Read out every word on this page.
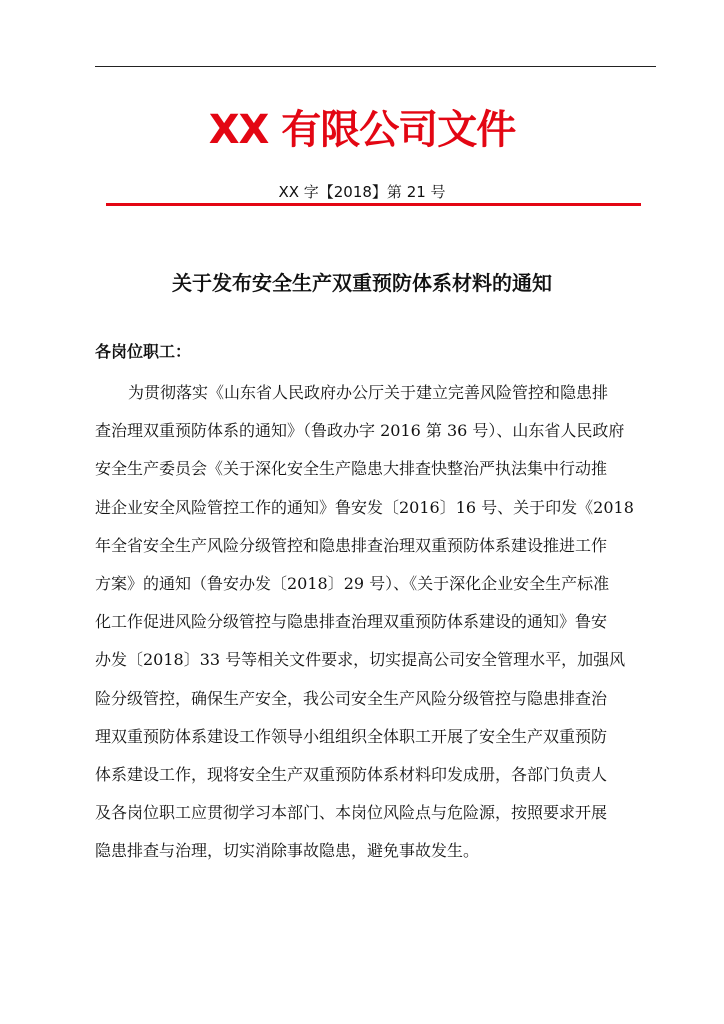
XX 有限公司文件
XX 字【2018】第 21 号
关于发布安全生产双重预防体系材料的通知
各岗位职工：
为贯彻落实《山东省人民政府办公厅关于建立完善风险管控和隐患排
查治理双重预防体系的通知》（鲁政办字 2016 第 36 号）、山东省人民政府
安全生产委员会《关于深化安全生产隐患大排查快整治严执法集中行动推
进企业安全风险管控工作的通知》鲁安发〔2016〕16 号、关于印发《2018
年全省安全生产风险分级管控和隐患排查治理双重预防体系建设推进工作
方案》的通知（鲁安办发〔2018〕29 号）、《关于深化企业安全生产标准
化工作促进风险分级管控与隐患排查治理双重预防体系建设的通知》鲁安
办发〔2018〕33 号等相关文件要求，切实提高公司安全管理水平，加强风
险分级管控，确保生产安全，我公司安全生产风险分级管控与隐患排查治
理双重预防体系建设工作领导小组组织全体职工开展了安全生产双重预防
体系建设工作，现将安全生产双重预防体系材料印发成册，各部门负责人
及各岗位职工应贯彻学习本部门、本岗位风险点与危险源，按照要求开展
隐患排查与治理，切实消除事故隐患，避免事故发生。
